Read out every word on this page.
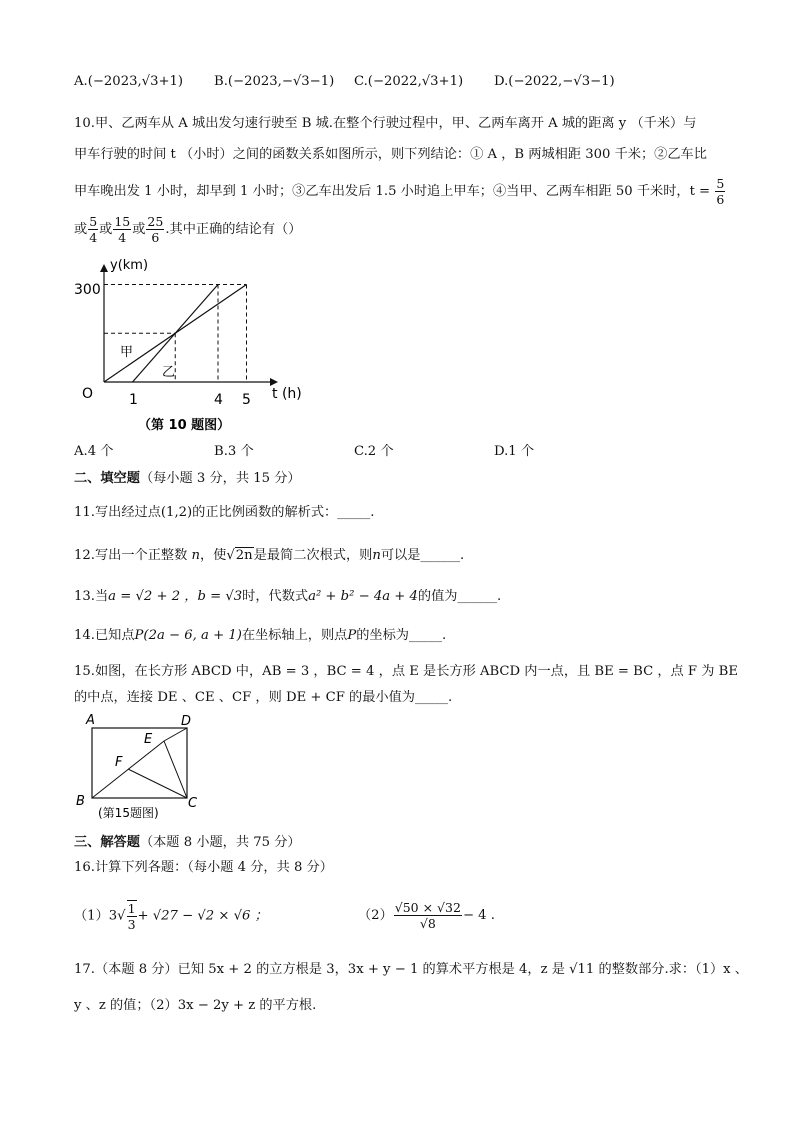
A.(−2023,√3+1) B.(−2023,−√3−1) C.(−2022,√3+1) D.(−2022,−√3−1)
10.甲、乙两车从 A 城出发匀速行驶至 B 城.在整个行驶过程中，甲、乙两车离开 A 城的距离 y （千米）与
甲车行驶的时间 t （小时）之间的函数关系如图所示，则下列结论：① A ，B 两城相距 300 千米；②乙车比
甲车晚出发 1 小时，却早到 1 小时；③乙车出发后 1.5 小时追上甲车；④当甲、乙两车相距 50 千米时，$t = \frac{5}{6}$
或 $\frac{5}{4}$ 或 $\frac{15}{4}$ 或 $\frac{25}{6}$ .其中正确的结论有（）
y(km)
t (h)
O
300
1	4 5
甲
乙
（第 10 题图）
A.4 个	B.3 个	C.2 个	D.1 个
二、填空题（每小题 3 分，共 15 分）
11.写出经过点(1,2)的正比例函数的解析式：_____.
12.写出一个正整数 n，使√2n是最简二次根式，则n可以是______.
13.当a = √2 + 2 ，b = √3时，代数式a² + b² − 4a + 4的值为______.
14.已知点P(2a − 6, a + 1)在坐标轴上，则点P的坐标为_____.
15.如图，在长方形 ABCD 中，AB = 3 ，BC = 4 ，点 E 是长方形 ABCD 内一点，且 BE = BC ，点 F 为 BE
的中点，连接 DE 、CE 、CF ，则 DE + CF 的最小值为_____.
A	D
E
F
B	C
(第15题图)
三、解答题（本题 8 小题，共 75 分）
16.计算下列各题：（每小题 4 分，共 8 分）
$(1)3√ \frac{1}{3} + √27 - √2 \times √6$ ；	$(2) \frac{√50 \times √32}{√8} - 4$ .
17.（本题 8 分）已知 5x + 2 的立方根是 3，3x + y − 1 的算术平方根是 4，z 是 √11 的整数部分.求：（1）x 、
y 、z 的值；（2）3x − 2y + z 的平方根.
